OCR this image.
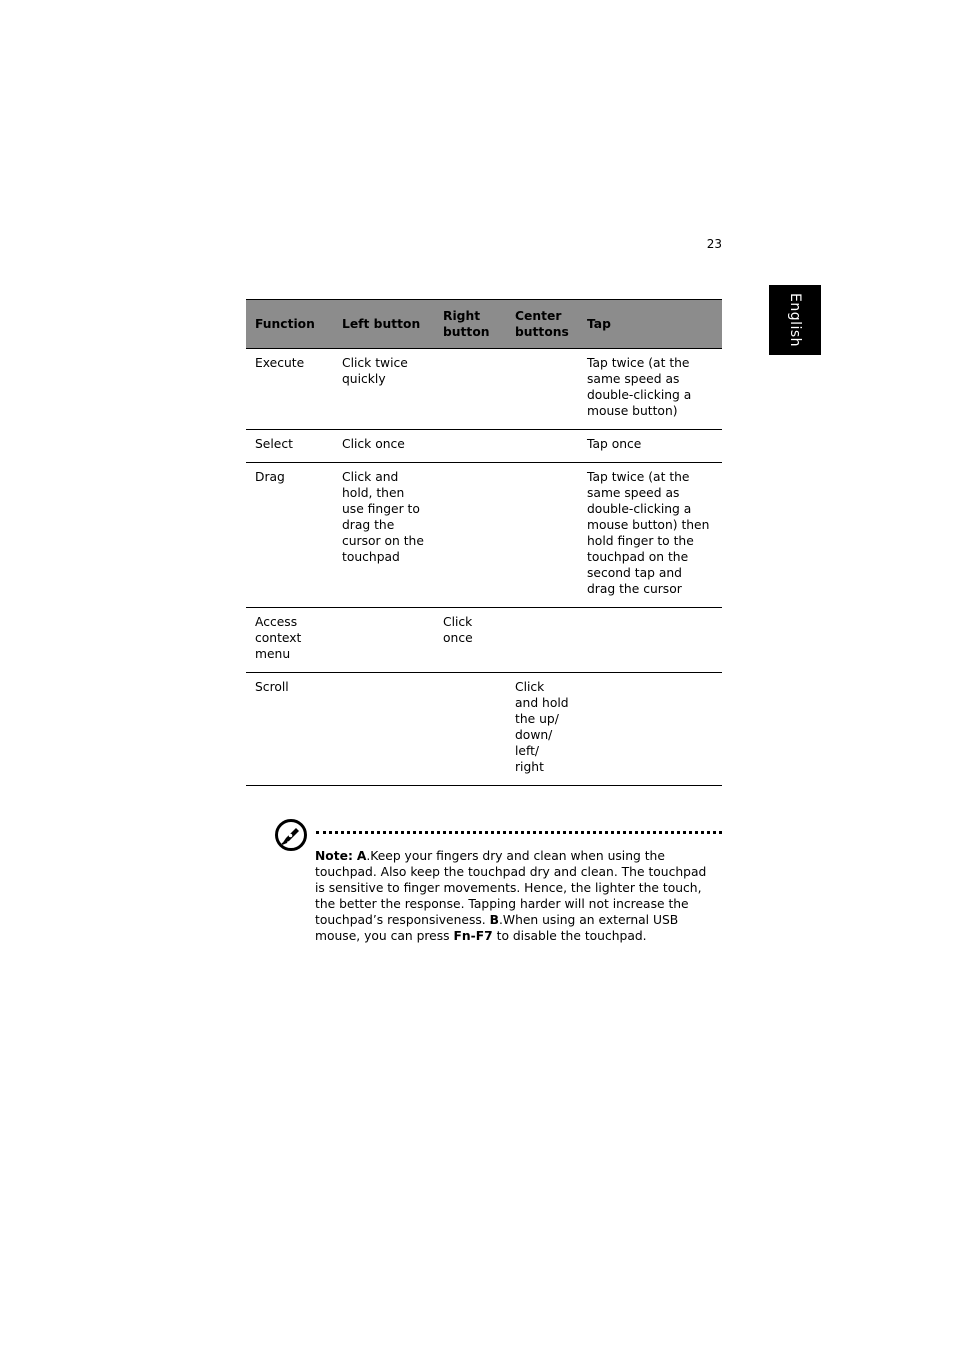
23
English
Function	Left button	Right button	Center buttons	Tap
Execute	Click twice quickly			Tap twice (at the same speed as double-clicking a mouse button)
Select	Click once			Tap once
Drag	Click and hold, then use finger to drag the cursor on the touchpad			Tap twice (at the same speed as double-clicking a mouse button) then hold finger to the touchpad on the second tap and drag the cursor
Access context menu		Click once		
Scroll			Click and hold the up/ down/ left/ right	
Note: A.Keep your fingers dry and clean when using the touchpad. Also keep the touchpad dry and clean. The touchpad is sensitive to finger movements. Hence, the lighter the touch, the better the response. Tapping harder will not increase the touchpad’s responsiveness. B.When using an external USB mouse, you can press Fn-F7 to disable the touchpad.
